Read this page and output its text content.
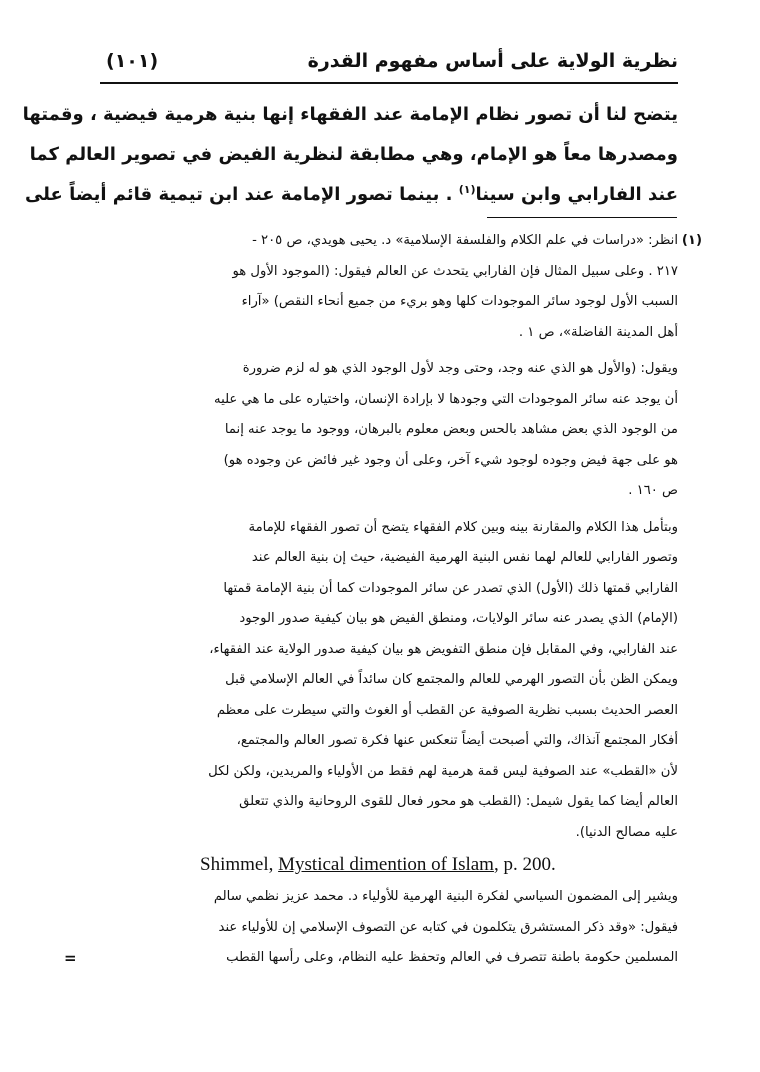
نظرية الولاية على أساس مفهوم القدرة
(١٠١)
يتضح لنا أن تصور نظام الإمامة عند الفقهاء إنها بنية هرمية فيضية ، وقمتها
ومصدرها معاً هو الإمام، وهي مطابقة لنظرية الفيض في تصوير العالم كما
عند الفارابي وابن سينا$^{(١)}$ . بينما تصور الإمامة عند ابن تيمية قائم أيضاً على
(١)
انظر: «دراسات في علم الكلام والفلسفة الإسلامية» د. يحيى هويدي، ص ٢٠٥ -
٢١٧ . وعلى سبيل المثال فإن الفارابي يتحدث عن العالم فيقول: (الموجود الأول هو
السبب الأول لوجود سائر الموجودات كلها وهو بريء من جميع أنحاء النقص) «آراء
أهل المدينة الفاضلة»، ص ١ .
ويقول: (والأول هو الذي عنه وجد، وحتى وجد لأول الوجود الذي هو له لزم ضرورة
أن يوجد عنه سائر الموجودات التي وجودها لا بإرادة الإنسان، واختياره على ما هي عليه
من الوجود الذي بعض مشاهد بالحس وبعض معلوم بالبرهان، ووجود ما يوجد عنه إنما
هو على جهة فيض وجوده لوجود شيء آخر، وعلى أن وجود غير فائض عن وجوده هو)
ص ١٦٠ .
وبتأمل هذا الكلام والمقارنة بينه وبين كلام الفقهاء يتضح أن تصور الفقهاء للإمامة
وتصور الفارابي للعالم لهما نفس البنية الهرمية الفيضية، حيث إن بنية العالم عند
الفارابي قمتها ذلك (الأول) الذي تصدر عن سائر الموجودات كما أن بنية الإمامة قمتها
(الإمام) الذي يصدر عنه سائر الولايات، ومنطق الفيض هو بيان كيفية صدور الوجود
عند الفارابي، وفي المقابل فإن منطق التفويض هو بيان كيفية صدور الولاية عند الفقهاء،
ويمكن الظن بأن التصور الهرمي للعالم والمجتمع كان سائداً في العالم الإسلامي قبل
العصر الحديث بسبب نظرية الصوفية عن القطب أو الغوث والتي سيطرت على معظم
أفكار المجتمع آنذاك، والتي أصبحت أيضاً تنعكس عنها فكرة تصور العالم والمجتمع،
لأن «القطب» عند الصوفية ليس قمة هرمية لهم فقط من الأولياء والمريدين، ولكن لكل
العالم أيضا كما يقول شيمل: (القطب هو محور فعال للقوى الروحانية والذي تتعلق
عليه مصالح الدنيا).
Shimmel, Mystical dimention of Islam, p. 200.
ويشير إلى المضمون السياسي لفكرة البنية الهرمية للأولياء د. محمد عزيز نظمي سالم
فيقول: «وقد ذكر المستشرق يتكلمون في كتابه عن التصوف الإسلامي إن للأولياء عند
المسلمين حكومة باطنة تتصرف في العالم وتحفظ عليه النظام، وعلى رأسها القطب
=
